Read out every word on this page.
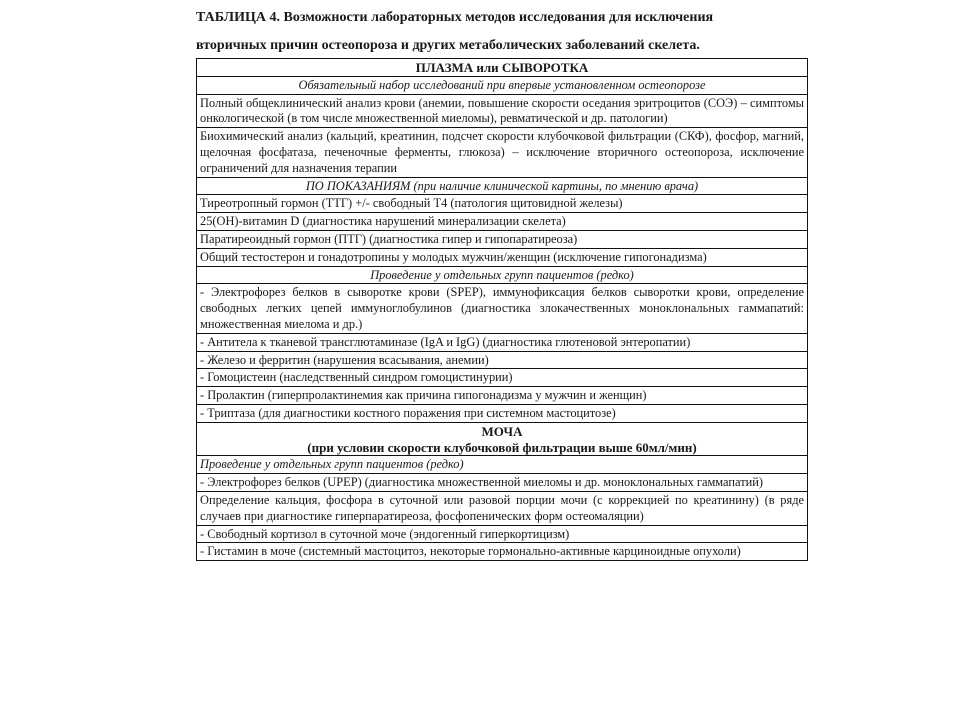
ТАБЛИЦА 4. Возможности лабораторных методов исследования для исключения
вторичных причин остеопороза и других метаболических заболеваний скелета.
ПЛАЗМА или СЫВОРОТКА
Обязательный набор исследований при впервые установленном остеопорозе
Полный общеклинический анализ крови (анемии, повышение скорости оседания эритроцитов (СОЭ) – симптомы онкологической (в том числе множественной миеломы), ревматической и др. патологии)
Биохимический анализ (кальций, креатинин, подсчет скорости клубочковой фильтрации (СКФ), фосфор, магний, щелочная фосфатаза, печеночные ферменты, глюкоза) – исключение вторичного остеопороза, исключение ограничений для назначения терапии
ПО ПОКАЗАНИЯМ (при наличие клинической картины, по мнению врача)
Тиреотропный гормон (ТТГ) +/- свободный Т4 (патология щитовидной железы)
25(ОН)-витамин D (диагностика нарушений минерализации скелета)
Паратиреоидный гормон (ПТГ) (диагностика гипер и гипопаратиреоза)
Общий тестостерон и гонадотропины у молодых мужчин/женщин (исключение гипогонадизма)
Проведение у отдельных групп пациентов (редко)
- Электрофорез белков в сыворотке крови (SPEP), иммунофиксация белков сыворотки крови, определение свободных легких цепей иммуноглобулинов (диагностика злокачественных моноклональных гаммапатий: множественная миелома и др.)
- Антитела к тканевой трансглютаминазе (IgA и IgG) (диагностика глютеновой энтеропатии)
- Железо и ферритин (нарушения всасывания, анемии)
- Гомоцистеин (наследственный синдром гомоцистинурии)
- Пролактин (гиперпролактинемия как причина гипогонадизма у мужчин и женщин)
- Триптаза (для диагностики костного поражения при системном мастоцитозе)

МОЧА
(при условии скорости клубочковой фильтрации выше 60мл/мин)

Проведение у отдельных групп пациентов (редко)
- Электрофорез белков (UPEP) (диагностика множественной миеломы и др. моноклональных гаммапатий)
Определение кальция, фосфора в суточной или разовой порции мочи (с коррекцией по креатинину) (в ряде случаев при диагностике гиперпаратиреоза, фосфопенических форм остеомаляции)
- Свободный кортизол в суточной моче (эндогенный гиперкортицизм)
- Гистамин в моче (системный мастоцитоз, некоторые гормонально-активные карциноидные опухоли)
